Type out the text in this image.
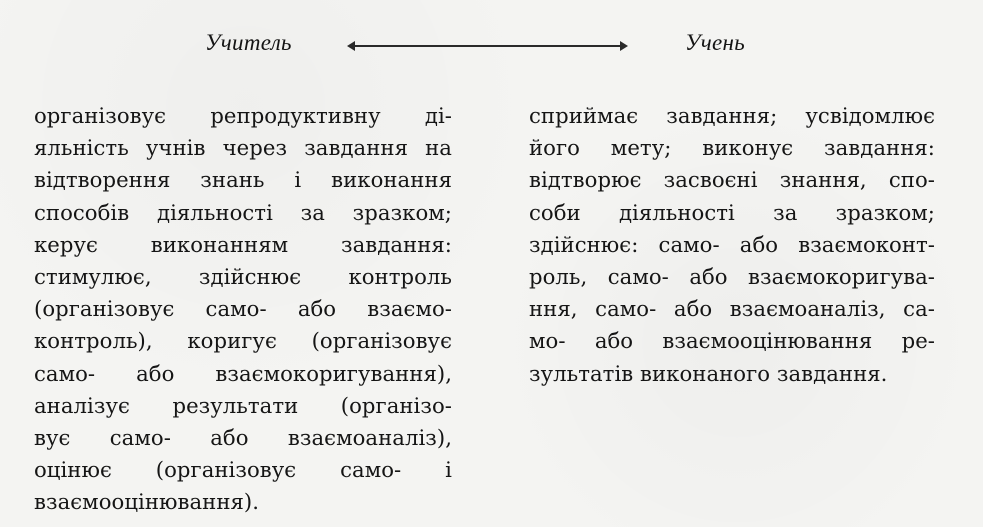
Учитель	Учень
організовує репродуктивну ді-
яльність учнів через завдання на
відтворення знань і виконання
способів діяльності за зразком;
керує виконанням завдання:
стимулює, здійснює контроль
(організовує само- або взаємо-
контроль), коригує (організовує
само- або взаємокоригування),
аналізує результати (організо-
вує само- або взаємоаналіз),
оцінює (організовує само- і
взаємооцінювання).
сприймає завдання; усвідомлює
його мету; виконує завдання:
відтворює засвоєні знання, спо-
соби діяльності за зразком;
здійснює: само- або взаємоконт-
роль, само- або взаємокоригува-
ння, само- або взаємоаналіз, са-
мо- або взаємооцінювання ре-
зультатів виконаного завдання.
